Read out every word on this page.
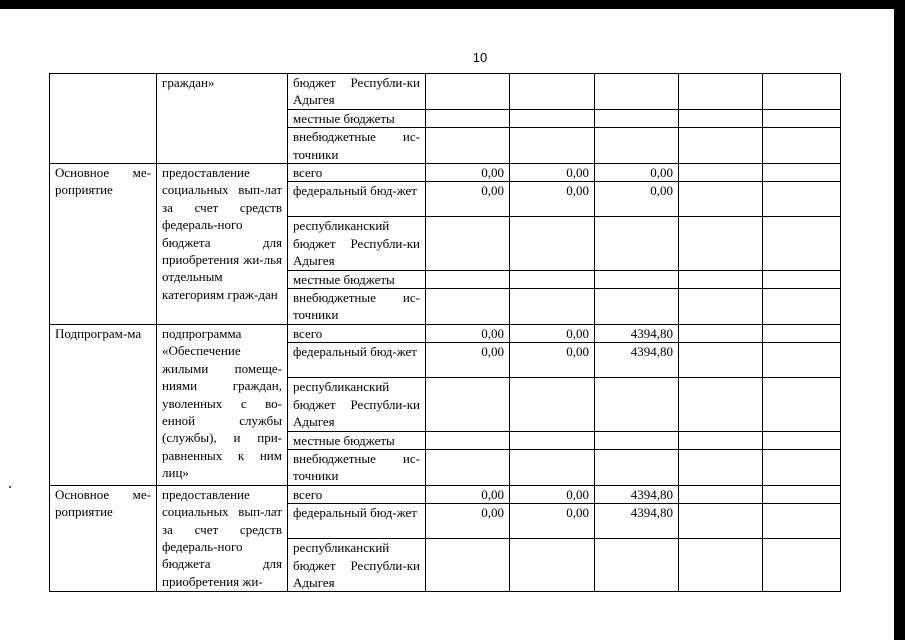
10
	граждан»	бюджет Республи-ки Адыгея					
		местные бюджеты					
		внебюджетные ис-точники					
Основное ме-роприятие	предоставление социальных вып-лат за счет средств федераль-ного бюджета для приобретения жи-лья отдельным категориям граж-дан	всего	0,00	0,00	0,00		
		федеральный бюд-жет	0,00	0,00	0,00		
		республиканский бюджет Республи-ки Адыгея					
		местные бюджеты					
		внебюджетные ис-точники					
Подпрограм-ма	подпрограмма «Обеспечение жилыми помеще-ниями граждан, уволенных с во-енной службы (службы), и при-равненных к ним лиц»	всего	0,00	0,00	4394,80		
		федеральный бюд-жет	0,00	0,00	4394,80		
		республиканский бюджет Республи-ки Адыгея					
		местные бюджеты					
		внебюджетные ис-точники					
Основное ме-роприятие	предоставление социальных вып-лат за счет средств федераль-ного бюджета для приобретения жи-	всего	0,00	0,00	4394,80		
		федеральный бюд-жет	0,00	0,00	4394,80		
		республиканский бюджет Республи-ки Адыгея					
